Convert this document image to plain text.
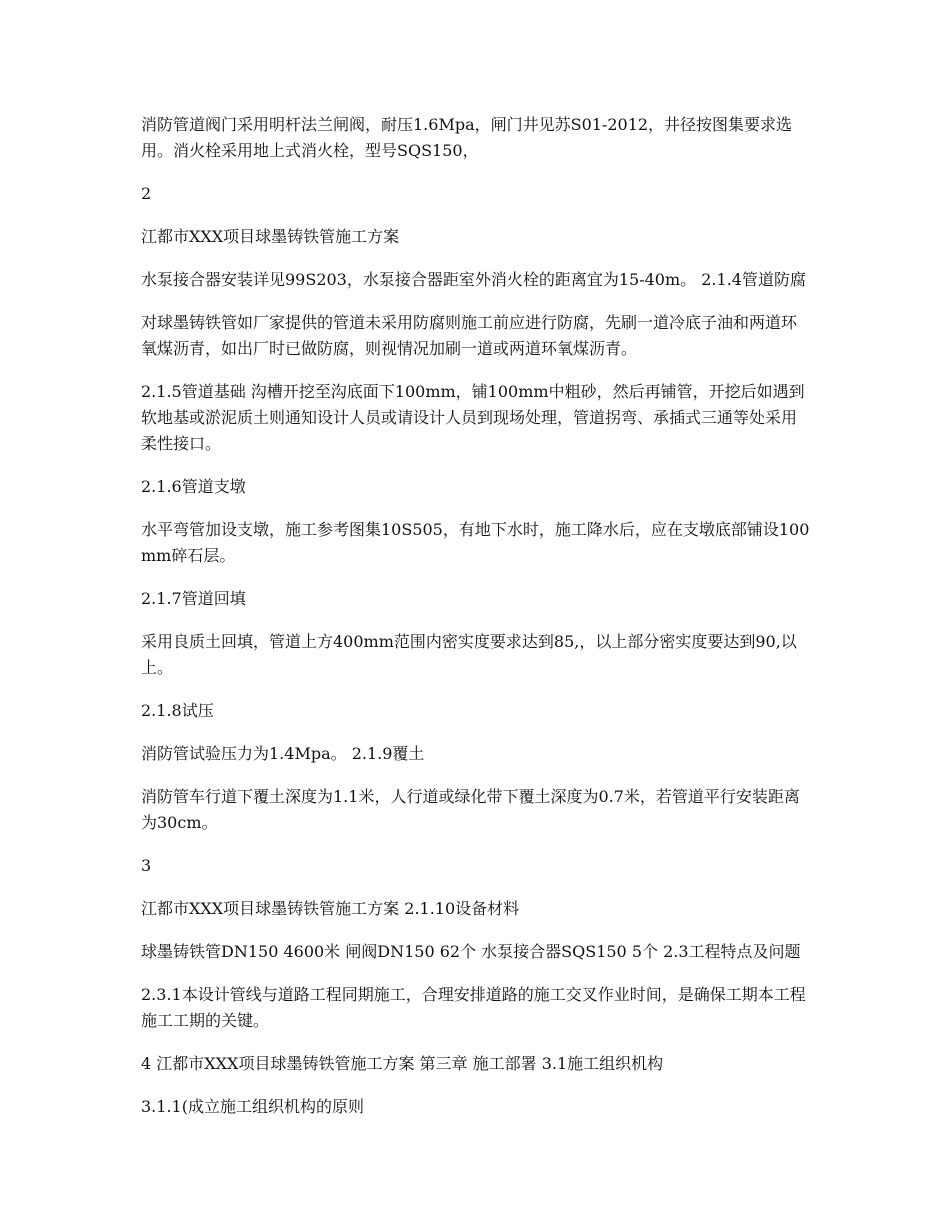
消防管道阀门采用明杆法兰闸阀，耐压1.6Mpa，闸门井见苏S01-2012，井径按图集要求选用。消火栓采用地上式消火栓，型号SQS150，

2

江都市XXX项目球墨铸铁管施工方案

水泵接合器安装详见99S203，水泵接合器距室外消火栓的距离宜为15-40m。 2.1.4管道防腐

对球墨铸铁管如厂家提供的管道未采用防腐则施工前应进行防腐，先刷一道冷底子油和两道环氧煤沥青，如出厂时已做防腐，则视情况加刷一道或两道环氧煤沥青。

2.1.5管道基础 沟槽开挖至沟底面下100mm，铺100mm中粗砂，然后再铺管，开挖后如遇到软地基或淤泥质土则通知设计人员或请设计人员到现场处理，管道拐弯、承插式三通等处采用柔性接口。

2.1.6管道支墩

水平弯管加设支墩，施工参考图集10S505，有地下水时，施工降水后，应在支墩底部铺设100mm碎石层。

2.1.7管道回填

采用良质土回填，管道上方400mm范围内密实度要求达到85,，以上部分密实度要达到90,以上。

2.1.8试压

消防管试验压力为1.4Mpa。 2.1.9覆土

消防管车行道下覆土深度为1.1米，人行道或绿化带下覆土深度为0.7米，若管道平行安装距离为30cm。

3

江都市XXX项目球墨铸铁管施工方案 2.1.10设备材料

球墨铸铁管DN150 4600米 闸阀DN150 62个 水泵接合器SQS150 5个 2.3工程特点及问题

2.3.1本设计管线与道路工程同期施工，合理安排道路的施工交叉作业时间，是确保工期本工程施工工期的关键。

4 江都市XXX项目球墨铸铁管施工方案 第三章 施工部署 3.1施工组织机构

3.1.1(成立施工组织机构的原则
